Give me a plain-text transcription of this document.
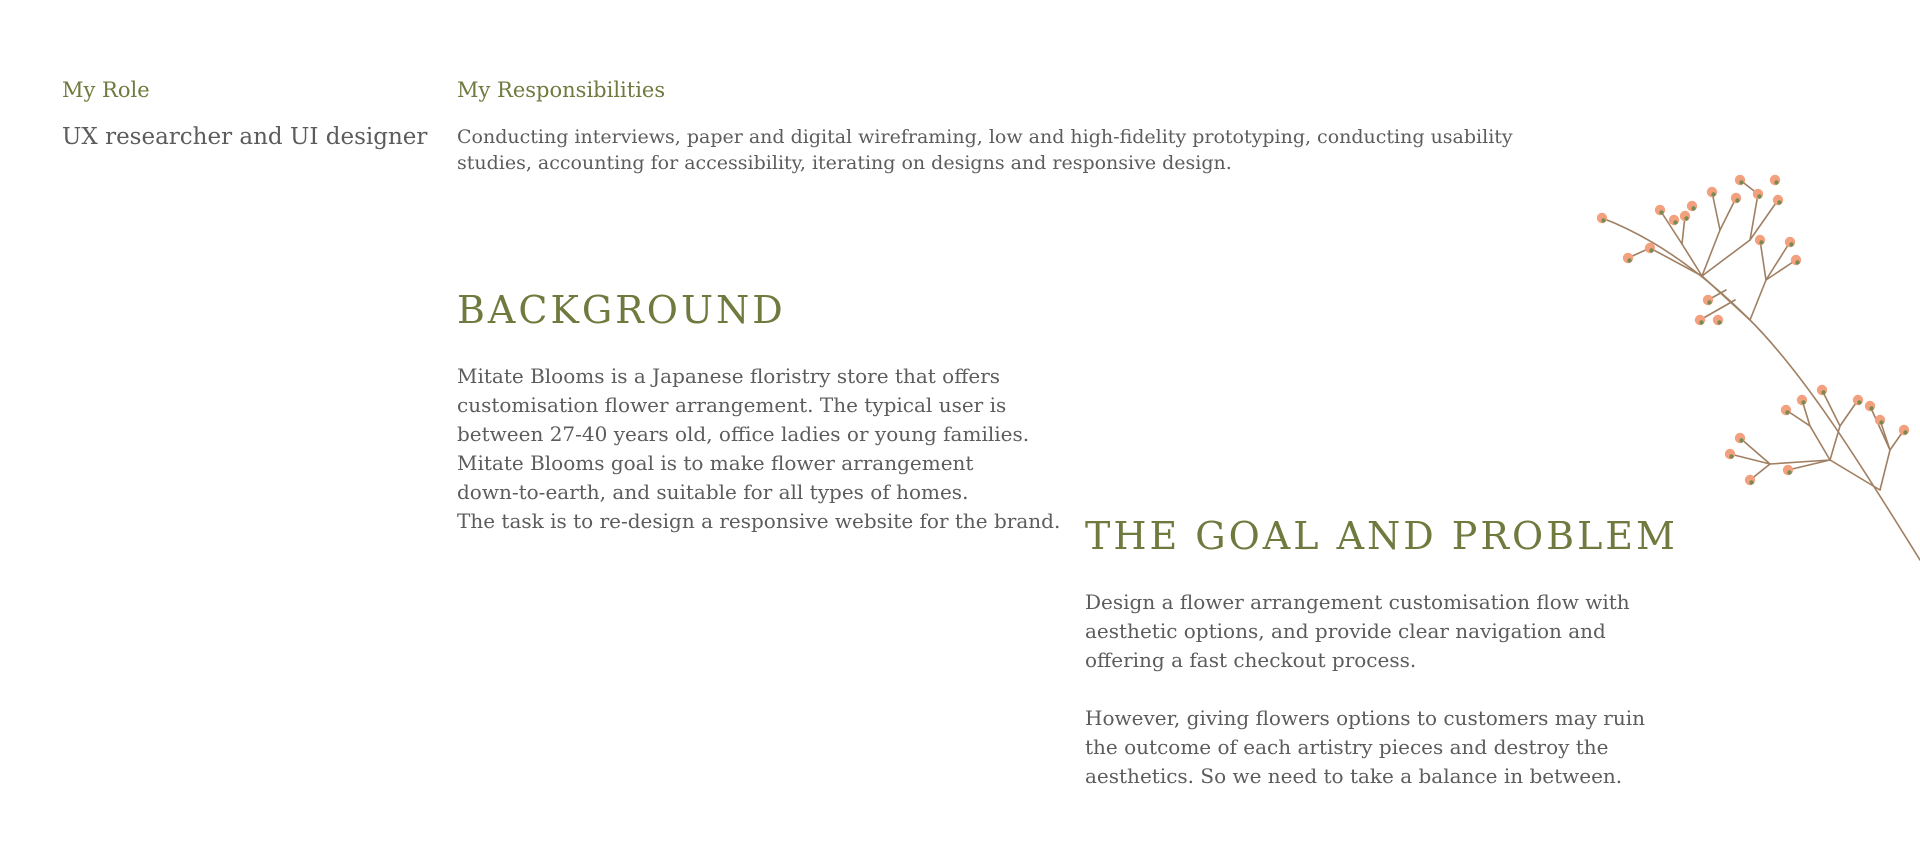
My Role

UX researcher and UI designer

My Responsibilities

Conducting interviews, paper and digital wireframing, low and high-fidelity prototyping, conducting usability studies, accounting for accessibility, iterating on designs and responsive design.

BACKGROUND
Mitate Blooms is a Japanese floristry store that offers
customisation flower arrangement. The typical user is
between 27-40 years old, office ladies or young families.
Mitate Blooms goal is to make flower arrangement
down-to-earth, and suitable for all types of homes.
The task is to re-design a responsive website for the brand. THE GOAL AND PROBLEM
Design a flower arrangement customisation flow with
aesthetic options, and provide clear navigation and
offering a fast checkout process.
However, giving flowers options to customers may ruin
the outcome of each artistry pieces and destroy the
aesthetics. So we need to take a balance in between.
